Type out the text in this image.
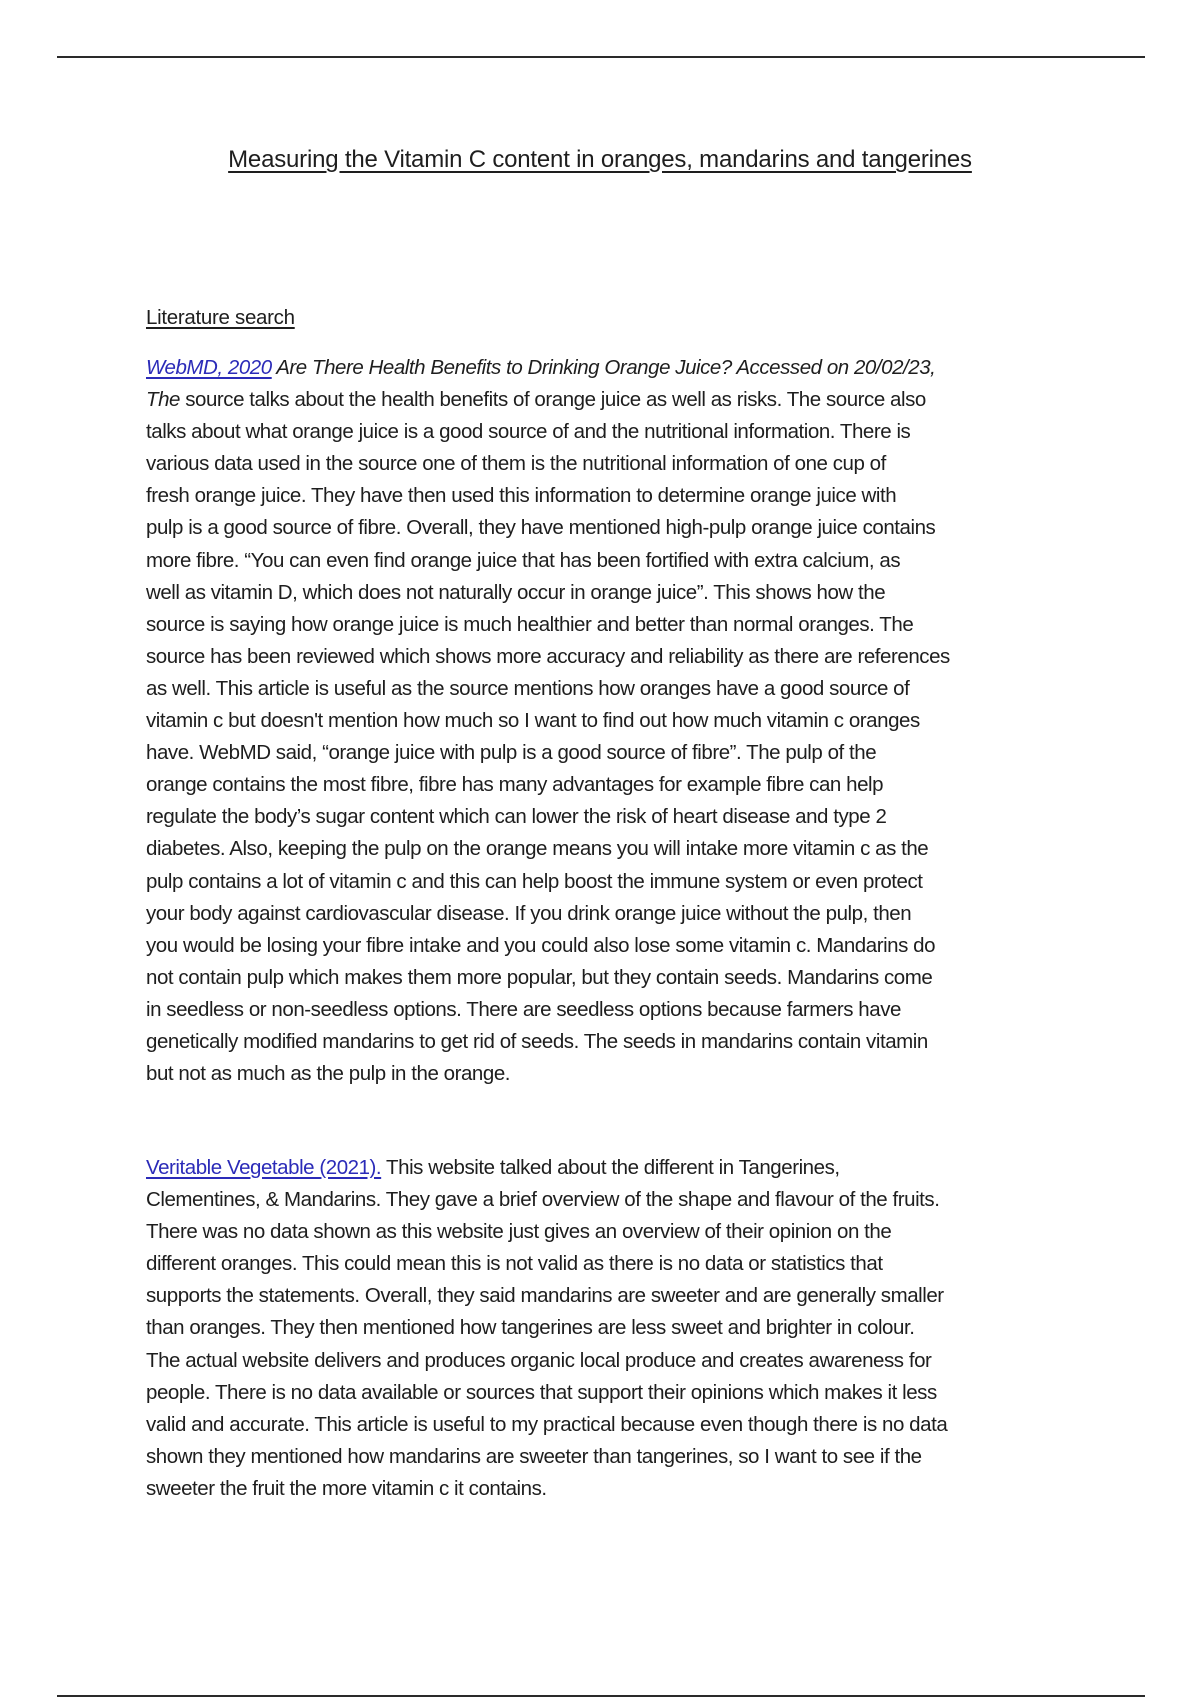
Measuring the Vitamin C content in oranges, mandarins and tangerines
Literature search
WebMD, 2020 Are There Health Benefits to Drinking Orange Juice? Accessed on 20/02/23,
The source talks about the health benefits of orange juice as well as risks. The source also
talks about what orange juice is a good source of and the nutritional information. There is
various data used in the source one of them is the nutritional information of one cup of
fresh orange juice. They have then used this information to determine orange juice with
pulp is a good source of fibre. Overall, they have mentioned high-pulp orange juice contains
more fibre. “You can even find orange juice that has been fortified with extra calcium, as
well as vitamin D, which does not naturally occur in orange juice”. This shows how the
source is saying how orange juice is much healthier and better than normal oranges. The
source has been reviewed which shows more accuracy and reliability as there are references
as well. This article is useful as the source mentions how oranges have a good source of
vitamin c but doesn't mention how much so I want to find out how much vitamin c oranges
have. WebMD said, “orange juice with pulp is a good source of fibre”. The pulp of the
orange contains the most fibre, fibre has many advantages for example fibre can help
regulate the body’s sugar content which can lower the risk of heart disease and type 2
diabetes. Also, keeping the pulp on the orange means you will intake more vitamin c as the
pulp contains a lot of vitamin c and this can help boost the immune system or even protect
your body against cardiovascular disease. If you drink orange juice without the pulp, then
you would be losing your fibre intake and you could also lose some vitamin c. Mandarins do
not contain pulp which makes them more popular, but they contain seeds. Mandarins come
in seedless or non-seedless options. There are seedless options because farmers have
genetically modified mandarins to get rid of seeds. The seeds in mandarins contain vitamin
but not as much as the pulp in the orange.
Veritable Vegetable (2021). This website talked about the different in Tangerines,
Clementines, & Mandarins. They gave a brief overview of the shape and flavour of the fruits.
There was no data shown as this website just gives an overview of their opinion on the
different oranges. This could mean this is not valid as there is no data or statistics that
supports the statements. Overall, they said mandarins are sweeter and are generally smaller
than oranges. They then mentioned how tangerines are less sweet and brighter in colour.
The actual website delivers and produces organic local produce and creates awareness for
people. There is no data available or sources that support their opinions which makes it less
valid and accurate. This article is useful to my practical because even though there is no data
shown they mentioned how mandarins are sweeter than tangerines, so I want to see if the
sweeter the fruit the more vitamin c it contains.
